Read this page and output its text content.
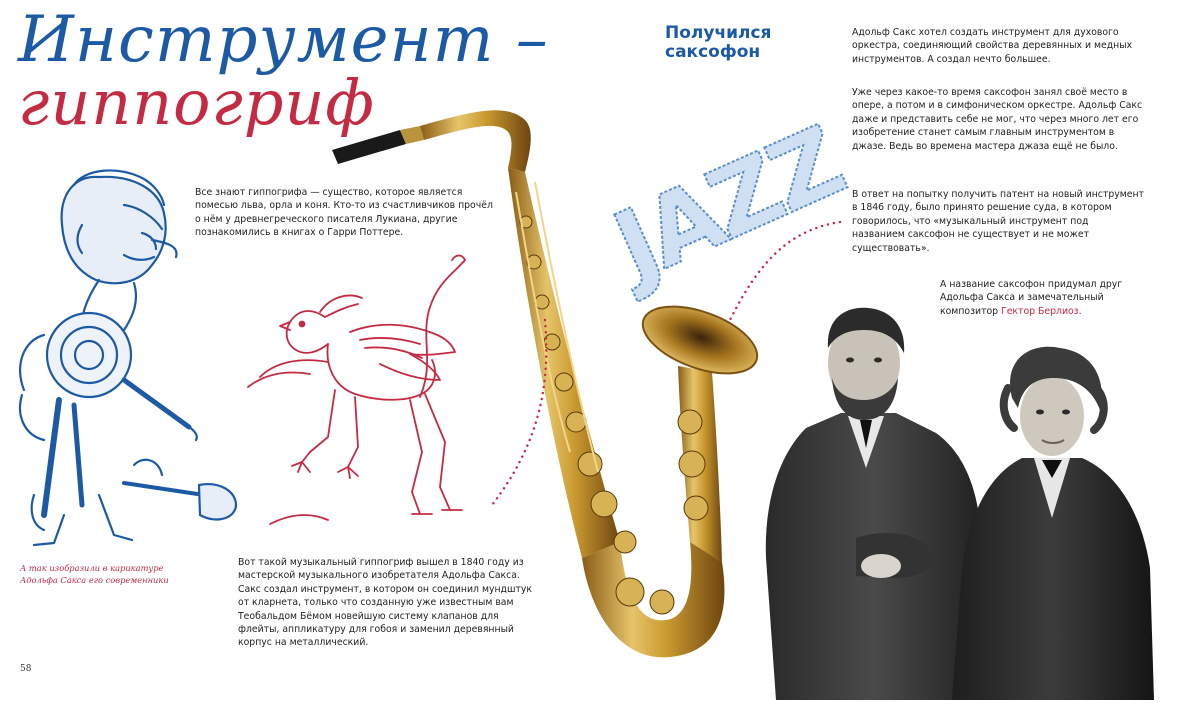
Инструмент –
гиппогриф
Все знают гиппогрифа — существо, которое является помесью льва, орла и коня. Кто-то из счастливчиков прочёл о нём у древнегреческого писателя Лукиана, другие познакомились в книгах о Гарри Поттере.
А так изобразили в карикатуре Адольфа Сакса его современники
Вот такой музыкальный гиппогриф вышел в 1840 году из мастерской музыкального изобретателя Адольфа Сакса. Сакс создал инструмент, в котором он соединил мундштук от кларнета, только что созданную уже известным вам Теобальдом Бёмом новейшую систему клапанов для флейты, аппликатуру для гобоя и заменил деревянный корпус на металлический.
58
Получился саксофон
JAZZ
Адольф Сакс хотел создать инструмент для духового оркестра, соединяющий свойства деревянных и медных инструментов. А создал нечто большее.
Уже через какое-то время саксофон занял своё место в опере, а потом и в симфоническом оркестре. Адольф Сакс даже и представить себе не мог, что через много лет его изобретение станет самым главным инструментом в джазе. Ведь во времена мастера джаза ещё не было.
В ответ на попытку получить патент на новый инструмент в 1846 году, было принято решение суда, в котором говорилось, что «музыкальный инструмент под названием саксофон не существует и не может существовать».
А название саксофон придумал друг Адольфа Сакса и замечательный композитор Гектор Берлиоз.
